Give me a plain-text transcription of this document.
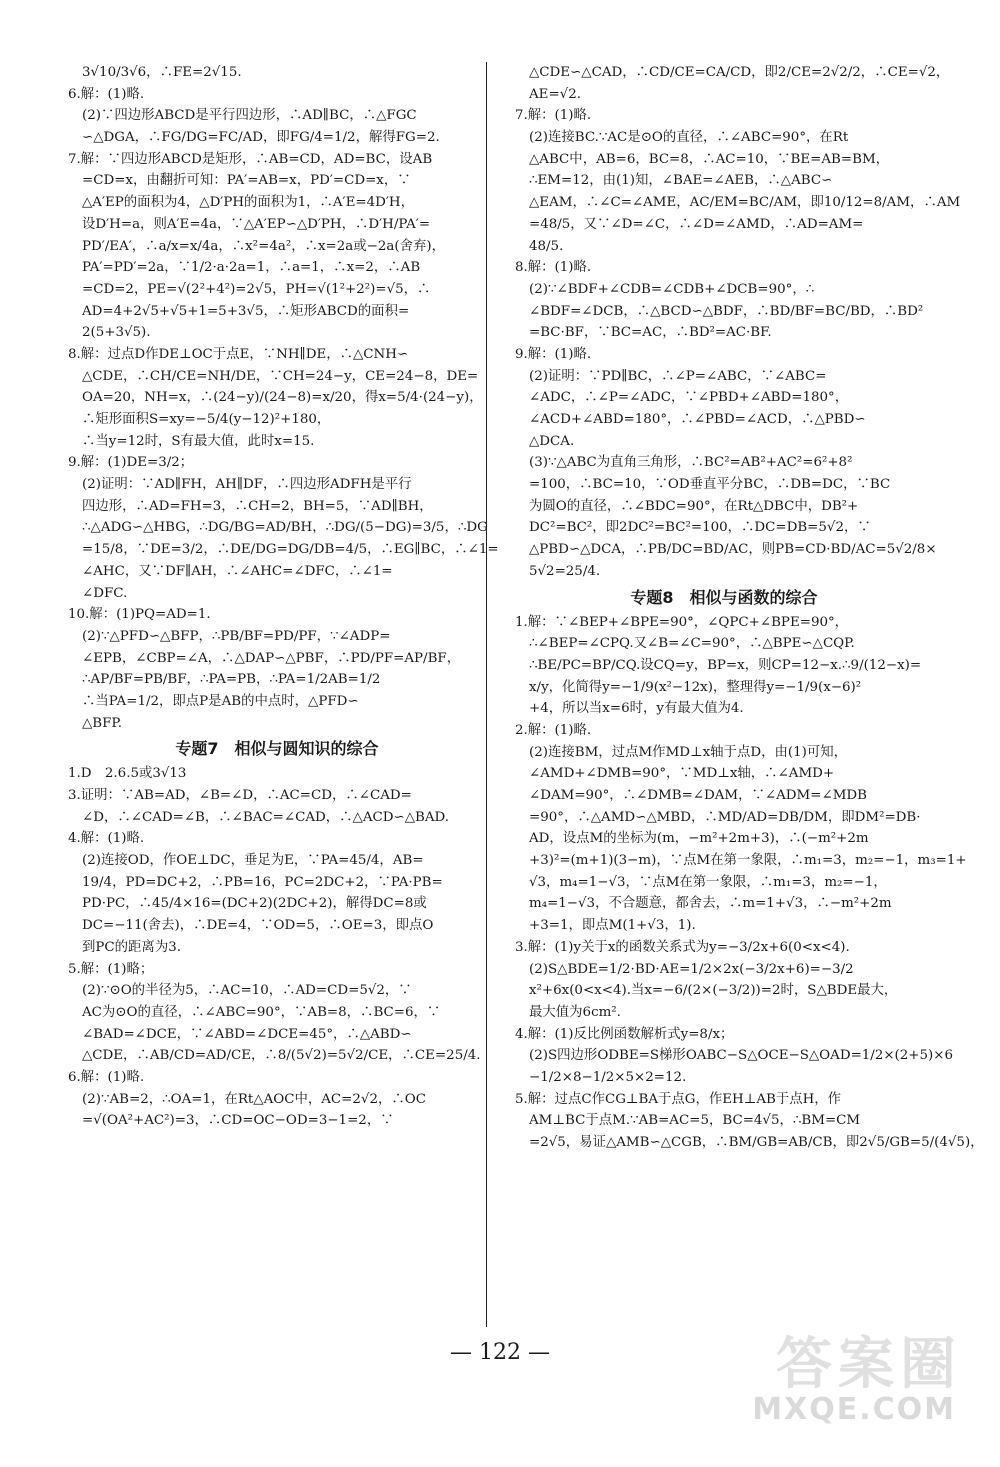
3√10/3√6，∴FE=2√15.
6.解：(1)略.
(2)∵四边形ABCD是平行四边形，∴AD∥BC，∴△FGC
∽△DGA，∴FG/DG=FC/AD，即FG/4=1/2，解得FG=2.
7.解：∵四边形ABCD是矩形，∴AB=CD，AD=BC，设AB
=CD=x，由翻折可知：PA′=AB=x，PD′=CD=x，∵
△A′EP的面积为4，△D′PH的面积为1，∴A′E=4D′H，
设D′H=a，则A′E=4a，∵△A′EP∽△D′PH，∴D′H/PA′=
PD′/EA′，∴a/x=x/4a，∴x²=4a²，∴x=2a或−2a(舍弃)，
PA′=PD′=2a，∵1/2·a·2a=1，∴a=1，∴x=2，∴AB
=CD=2，PE=√(2²+4²)=2√5，PH=√(1²+2²)=√5，∴
AD=4+2√5+√5+1=5+3√5，∴矩形ABCD的面积=
2(5+3√5).
8.解：过点D作DE⊥OC于点E，∵NH∥DE，∴△CNH∽
△CDE，∴CH/CE=NH/DE，∵CH=24−y，CE=24−8，DE=
OA=20，NH=x，∴(24−y)/(24−8)=x/20，得x=5/4·(24−y)，
∴矩形面积S=xy=−5/4(y−12)²+180，
∴当y=12时，S有最大值，此时x=15.
9.解：(1)DE=3/2；
(2)证明：∵AD∥FH，AH∥DF，∴四边形ADFH是平行
四边形，∴AD=FH=3，∴CH=2，BH=5，∵AD∥BH，
∴△ADG∽△HBG，∴DG/BG=AD/BH，∴DG/(5−DG)=3/5，∴DG
=15/8，∵DE=3/2，∴DE/DG=DG/DB=4/5，∴EG∥BC，∴∠1=
∠AHC，又∵DF∥AH，∴∠AHC=∠DFC，∴∠1=
∠DFC.
10.解：(1)PQ=AD=1.
(2)∵△PFD∽△BFP，∴PB/BF=PD/PF，∵∠ADP=
∠EPB，∠CBP=∠A，∴△DAP∽△PBF，∴PD/PF=AP/BF，
∴AP/BF=PB/BF，∴PA=PB，∴PA=1/2AB=1/2
∴当PA=1/2，即点P是AB的中点时，△PFD∽
△BFP.
专题7　相似与圆知识的综合
1.D　2.6.5或3√13
3.证明：∵AB=AD，∠B=∠D，∴AC=CD，∴∠CAD=
∠D，∴∠CAD=∠B，∴∠BAC=∠CAD，∴△ACD∽△BAD.
4.解：(1)略.
(2)连接OD，作OE⊥DC，垂足为E，∵PA=45/4，AB=
19/4，PD=DC+2，∴PB=16，PC=2DC+2，∵PA·PB=
PD·PC，∴45/4×16=(DC+2)(2DC+2)，解得DC=8或
DC=−11(舍去)，∴DE=4，∵OD=5，∴OE=3，即点O
到PC的距离为3.
5.解：(1)略；
(2)∵⊙O的半径为5，∴AC=10，∴AD=CD=5√2，∵
AC为⊙O的直径，∴∠ABC=90°，∵AB=8，∴BC=6，∵
∠BAD=∠DCE，∵∠ABD=∠DCE=45°，∴△ABD∽
△CDE，∴AB/CD=AD/CE，∴8/(5√2)=5√2/CE，∴CE=25/4.
6.解：(1)略.
(2)∵AB=2，∴OA=1，在Rt△AOC中，AC=2√2，∴OC
=√(OA²+AC²)=3，∴CD=OC−OD=3−1=2，∵
△CDE∽△CAD，∴CD/CE=CA/CD，即2/CE=2√2/2，∴CE=√2，
AE=√2.
7.解：(1)略.
(2)连接BC.∵AC是⊙O的直径，∴∠ABC=90°，在Rt
△ABC中，AB=6，BC=8，∴AC=10，∵BE=AB=BM，
∴EM=12，由(1)知，∠BAE=∠AEB，∴△ABC∽
△EAM，∴∠C=∠AME，AC/EM=BC/AM，即10/12=8/AM，∴AM
=48/5，又∵∠D=∠C，∴∠D=∠AMD，∴AD=AM=
48/5.
8.解：(1)略.
(2)∵∠BDF+∠CDB=∠CDB+∠DCB=90°，∴
∠BDF=∠DCB，∴△BCD∽△BDF，∴BD/BF=BC/BD，∴BD²
=BC·BF，∵BC=AC，∴BD²=AC·BF.
9.解：(1)略.
(2)证明：∵PD∥BC，∴∠P=∠ABC，∵∠ABC=
∠ADC，∴∠P=∠ADC，∵∠PBD+∠ABD=180°，
∠ACD+∠ABD=180°，∴∠PBD=∠ACD，∴△PBD∽
△DCA.
(3)∵△ABC为直角三角形，∴BC²=AB²+AC²=6²+8²
=100，∴BC=10，∵OD垂直平分BC，∴DB=DC，∵BC
为圆O的直径，∴∠BDC=90°，在Rt△DBC中，DB²+
DC²=BC²，即2DC²=BC²=100，∴DC=DB=5√2，∵
△PBD∽△DCA，∴PB/DC=BD/AC，则PB=CD·BD/AC=5√2/8×
5√2=25/4.
专题8　相似与函数的综合
1.解：∵∠BEP+∠BPE=90°，∠QPC+∠BPE=90°，
∴∠BEP=∠CPQ.又∠B=∠C=90°，∴△BPE∽△CQP.
∴BE/PC=BP/CQ.设CQ=y，BP=x，则CP=12−x.∴9/(12−x)=
x/y，化简得y=−1/9(x²−12x)，整理得y=−1/9(x−6)²
+4，所以当x=6时，y有最大值为4.
2.解：(1)略.
(2)连接BM，过点M作MD⊥x轴于点D，由(1)可知，
∠AMD+∠DMB=90°，∵MD⊥x轴，∴∠AMD+
∠DAM=90°，∴∠DMB=∠DAM，∵∠ADM=∠MDB
=90°，∴△AMD∽△MBD，∴MD/AD=DB/DM，即DM²=DB·
AD，设点M的坐标为(m，−m²+2m+3)，∴(−m²+2m
+3)²=(m+1)(3−m)，∵点M在第一象限，∴m₁=3，m₂=−1，m₃=1+
√3，m₄=1−√3，∵点M在第一象限，∴m₁=3，m₂=−1，
m₄=1−√3，不合题意，都舍去，∴m=1+√3，∴−m²+2m
+3=1，即点M(1+√3，1).
3.解：(1)y关于x的函数关系式为y=−3/2x+6(0<x<4).
(2)S△BDE=1/2·BD·AE=1/2×2x(−3/2x+6)=−3/2
x²+6x(0<x<4).当x=−6/(2×(−3/2))=2时，S△BDE最大，
最大值为6cm².
4.解：(1)反比例函数解析式y=8/x；
(2)S四边形ODBE=S梯形OABC−S△OCE−S△OAD=1/2×(2+5)×6
−1/2×8−1/2×5×2=12.
5.解：过点C作CG⊥BA于点G，作EH⊥AB于点H，作
AM⊥BC于点M.∵AB=AC=5，BC=4√5，∴BM=CM
=2√5，易证△AMB∽△CGB，∴BM/GB=AB/CB，即2√5/GB=5/(4√5)，
— 122 —	答案圈
MXQE.COM
